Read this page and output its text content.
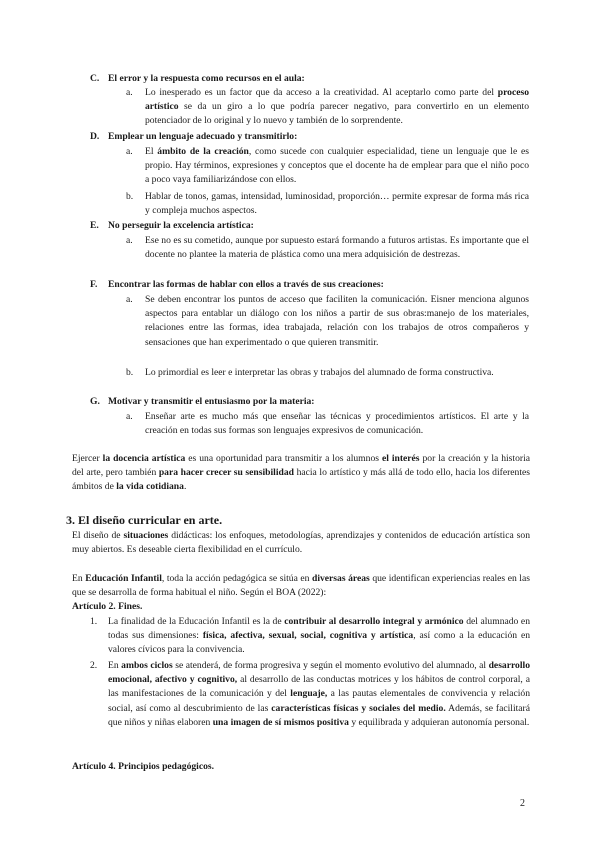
C. El error y la respuesta como recursos en el aula:
a. Lo inesperado es un factor que da acceso a la creatividad. Al aceptarlo como parte del proceso artístico se da un giro a lo que podría parecer negativo, para convertirlo en un elemento potenciador de lo original y lo nuevo y también de lo sorprendente.
D. Emplear un lenguaje adecuado y transmitirlo:
a. El ámbito de la creación, como sucede con cualquier especialidad, tiene un lenguaje que le es propio. Hay términos, expresiones y conceptos que el docente ha de emplear para que el niño poco a poco vaya familiarizándose con ellos.
b. Hablar de tonos, gamas, intensidad, luminosidad, proporción… permite expresar de forma más rica y compleja muchos aspectos.
E. No perseguir la excelencia artística:
a. Ese no es su cometido, aunque por supuesto estará formando a futuros artistas. Es importante que el docente no plantee la materia de plástica como una mera adquisición de destrezas.
F. Encontrar las formas de hablar con ellos a través de sus creaciones:
a. Se deben encontrar los puntos de acceso que faciliten la comunicación. Eisner menciona algunos aspectos para entablar un diálogo con los niños a partir de sus obras:manejo de los materiales, relaciones entre las formas, idea trabajada, relación con los trabajos de otros compañeros y sensaciones que han experimentado o que quieren transmitir.
b. Lo primordial es leer e interpretar las obras y trabajos del alumnado de forma constructiva.
G. Motivar y transmitir el entusiasmo por la materia:
a. Enseñar arte es mucho más que enseñar las técnicas y procedimientos artísticos. El arte y la creación en todas sus formas son lenguajes expresivos de comunicación.
Ejercer la docencia artística es una oportunidad para transmitir a los alumnos el interés por la creación y la historia del arte, pero también para hacer crecer su sensibilidad hacia lo artístico y más allá de todo ello, hacia los diferentes ámbitos de la vida cotidiana.
3. El diseño curricular en arte.
El diseño de situaciones didácticas: los enfoques, metodologías, aprendizajes y contenidos de educación artística son muy abiertos. Es deseable cierta flexibilidad en el currículo.
En Educación Infantil, toda la acción pedagógica se sitúa en diversas áreas que identifican experiencias reales en las que se desarrolla de forma habitual el niño. Según el BOA (2022):
Artículo 2. Fines.
1. La finalidad de la Educación Infantil es la de contribuir al desarrollo integral y armónico del alumnado en todas sus dimensiones: física, afectiva, sexual, social, cognitiva y artística, así como a la educación en valores cívicos para la convivencia.
2. En ambos ciclos se atenderá, de forma progresiva y según el momento evolutivo del alumnado, al desarrollo emocional, afectivo y cognitivo, al desarrollo de las conductas motrices y los hábitos de control corporal, a las manifestaciones de la comunicación y del lenguaje, a las pautas elementales de convivencia y relación social, así como al descubrimiento de las características físicas y sociales del medio. Además, se facilitará que niños y niñas elaboren una imagen de sí mismos positiva y equilibrada y adquieran autonomía personal.
Artículo 4. Principios pedagógicos.
2
